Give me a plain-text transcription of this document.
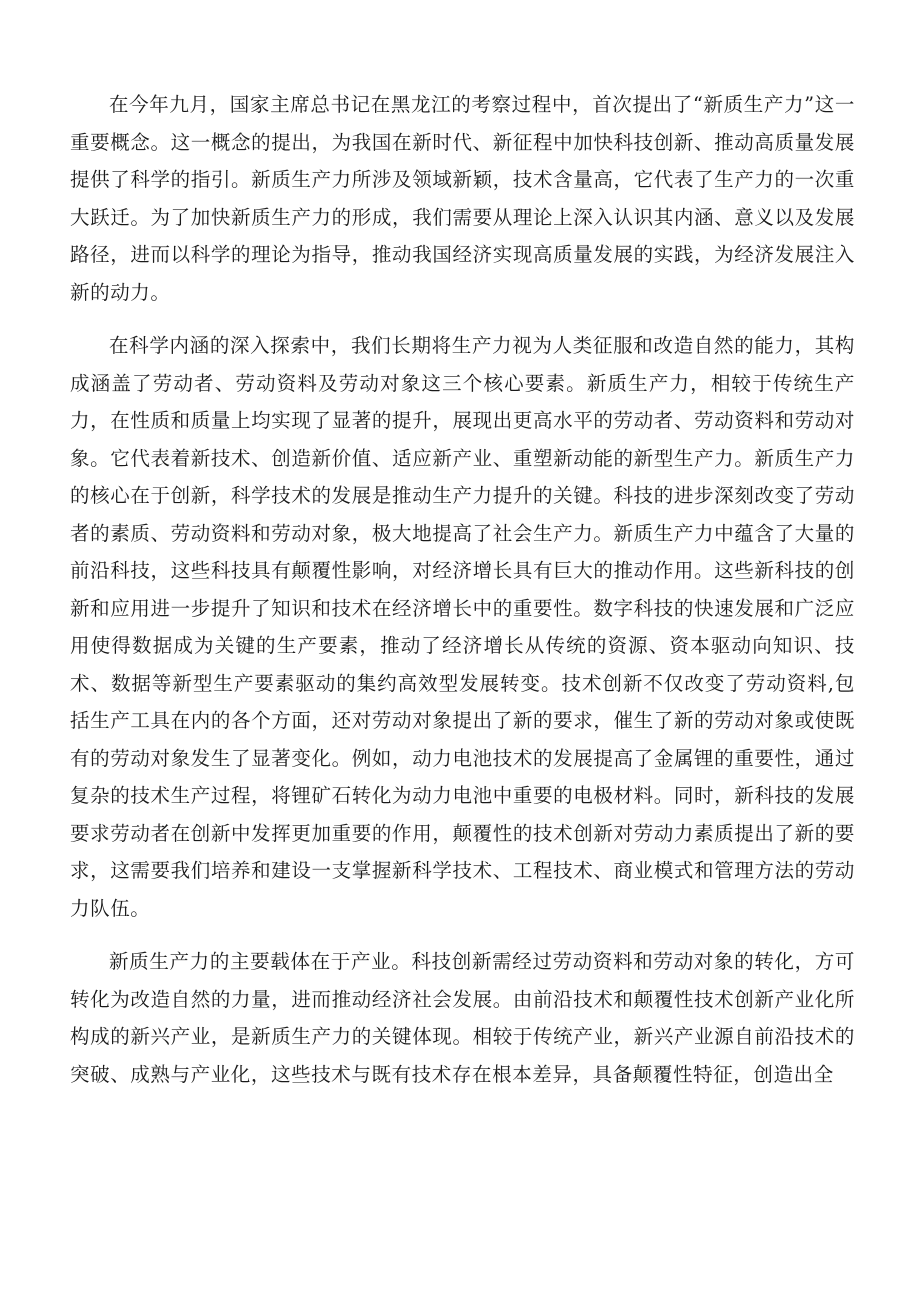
在今年九月，国家主席总书记在黑龙江的考察过程中，首次提出了“新质生产力”这一重要概念。这一概念的提出，为我国在新时代、新征程中加快科技创新、推动高质量发展提供了科学的指引。新质生产力所涉及领域新颖，技术含量高，它代表了生产力的一次重大跃迁。为了加快新质生产力的形成，我们需要从理论上深入认识其内涵、意义以及发展路径，进而以科学的理论为指导，推动我国经济实现高质量发展的实践，为经济发展注入新的动力。

在科学内涵的深入探索中，我们长期将生产力视为人类征服和改造自然的能力，其构成涵盖了劳动者、劳动资料及劳动对象这三个核心要素。新质生产力，相较于传统生产力，在性质和质量上均实现了显著的提升，展现出更高水平的劳动者、劳动资料和劳动对象。它代表着新技术、创造新价值、适应新产业、重塑新动能的新型生产力。新质生产力的核心在于创新，科学技术的发展是推动生产力提升的关键。科技的进步深刻改变了劳动者的素质、劳动资料和劳动对象，极大地提高了社会生产力。新质生产力中蕴含了大量的前沿科技，这些科技具有颠覆性影响，对经济增长具有巨大的推动作用。这些新科技的创新和应用进一步提升了知识和技术在经济增长中的重要性。数字科技的快速发展和广泛应用使得数据成为关键的生产要素，推动了经济增长从传统的资源、资本驱动向知识、技术、数据等新型生产要素驱动的集约高效型发展转变。技术创新不仅改变了劳动资料,包括生产工具在内的各个方面，还对劳动对象提出了新的要求，催生了新的劳动对象或使既有的劳动对象发生了显著变化。例如，动力电池技术的发展提高了金属锂的重要性，通过复杂的技术生产过程，将锂矿石转化为动力电池中重要的电极材料。同时，新科技的发展要求劳动者在创新中发挥更加重要的作用，颠覆性的技术创新对劳动力素质提出了新的要求，这需要我们培养和建设一支掌握新科学技术、工程技术、商业模式和管理方法的劳动力队伍。

新质生产力的主要载体在于产业。科技创新需经过劳动资料和劳动对象的转化，方可转化为改造自然的力量，进而推动经济社会发展。由前沿技术和颠覆性技术创新产业化所构成的新兴产业，是新质生产力的关键体现。相较于传统产业，新兴产业源自前沿技术的突破、成熟与产业化，这些技术与既有技术存在根本差异，具备颠覆性特征，创造出全
